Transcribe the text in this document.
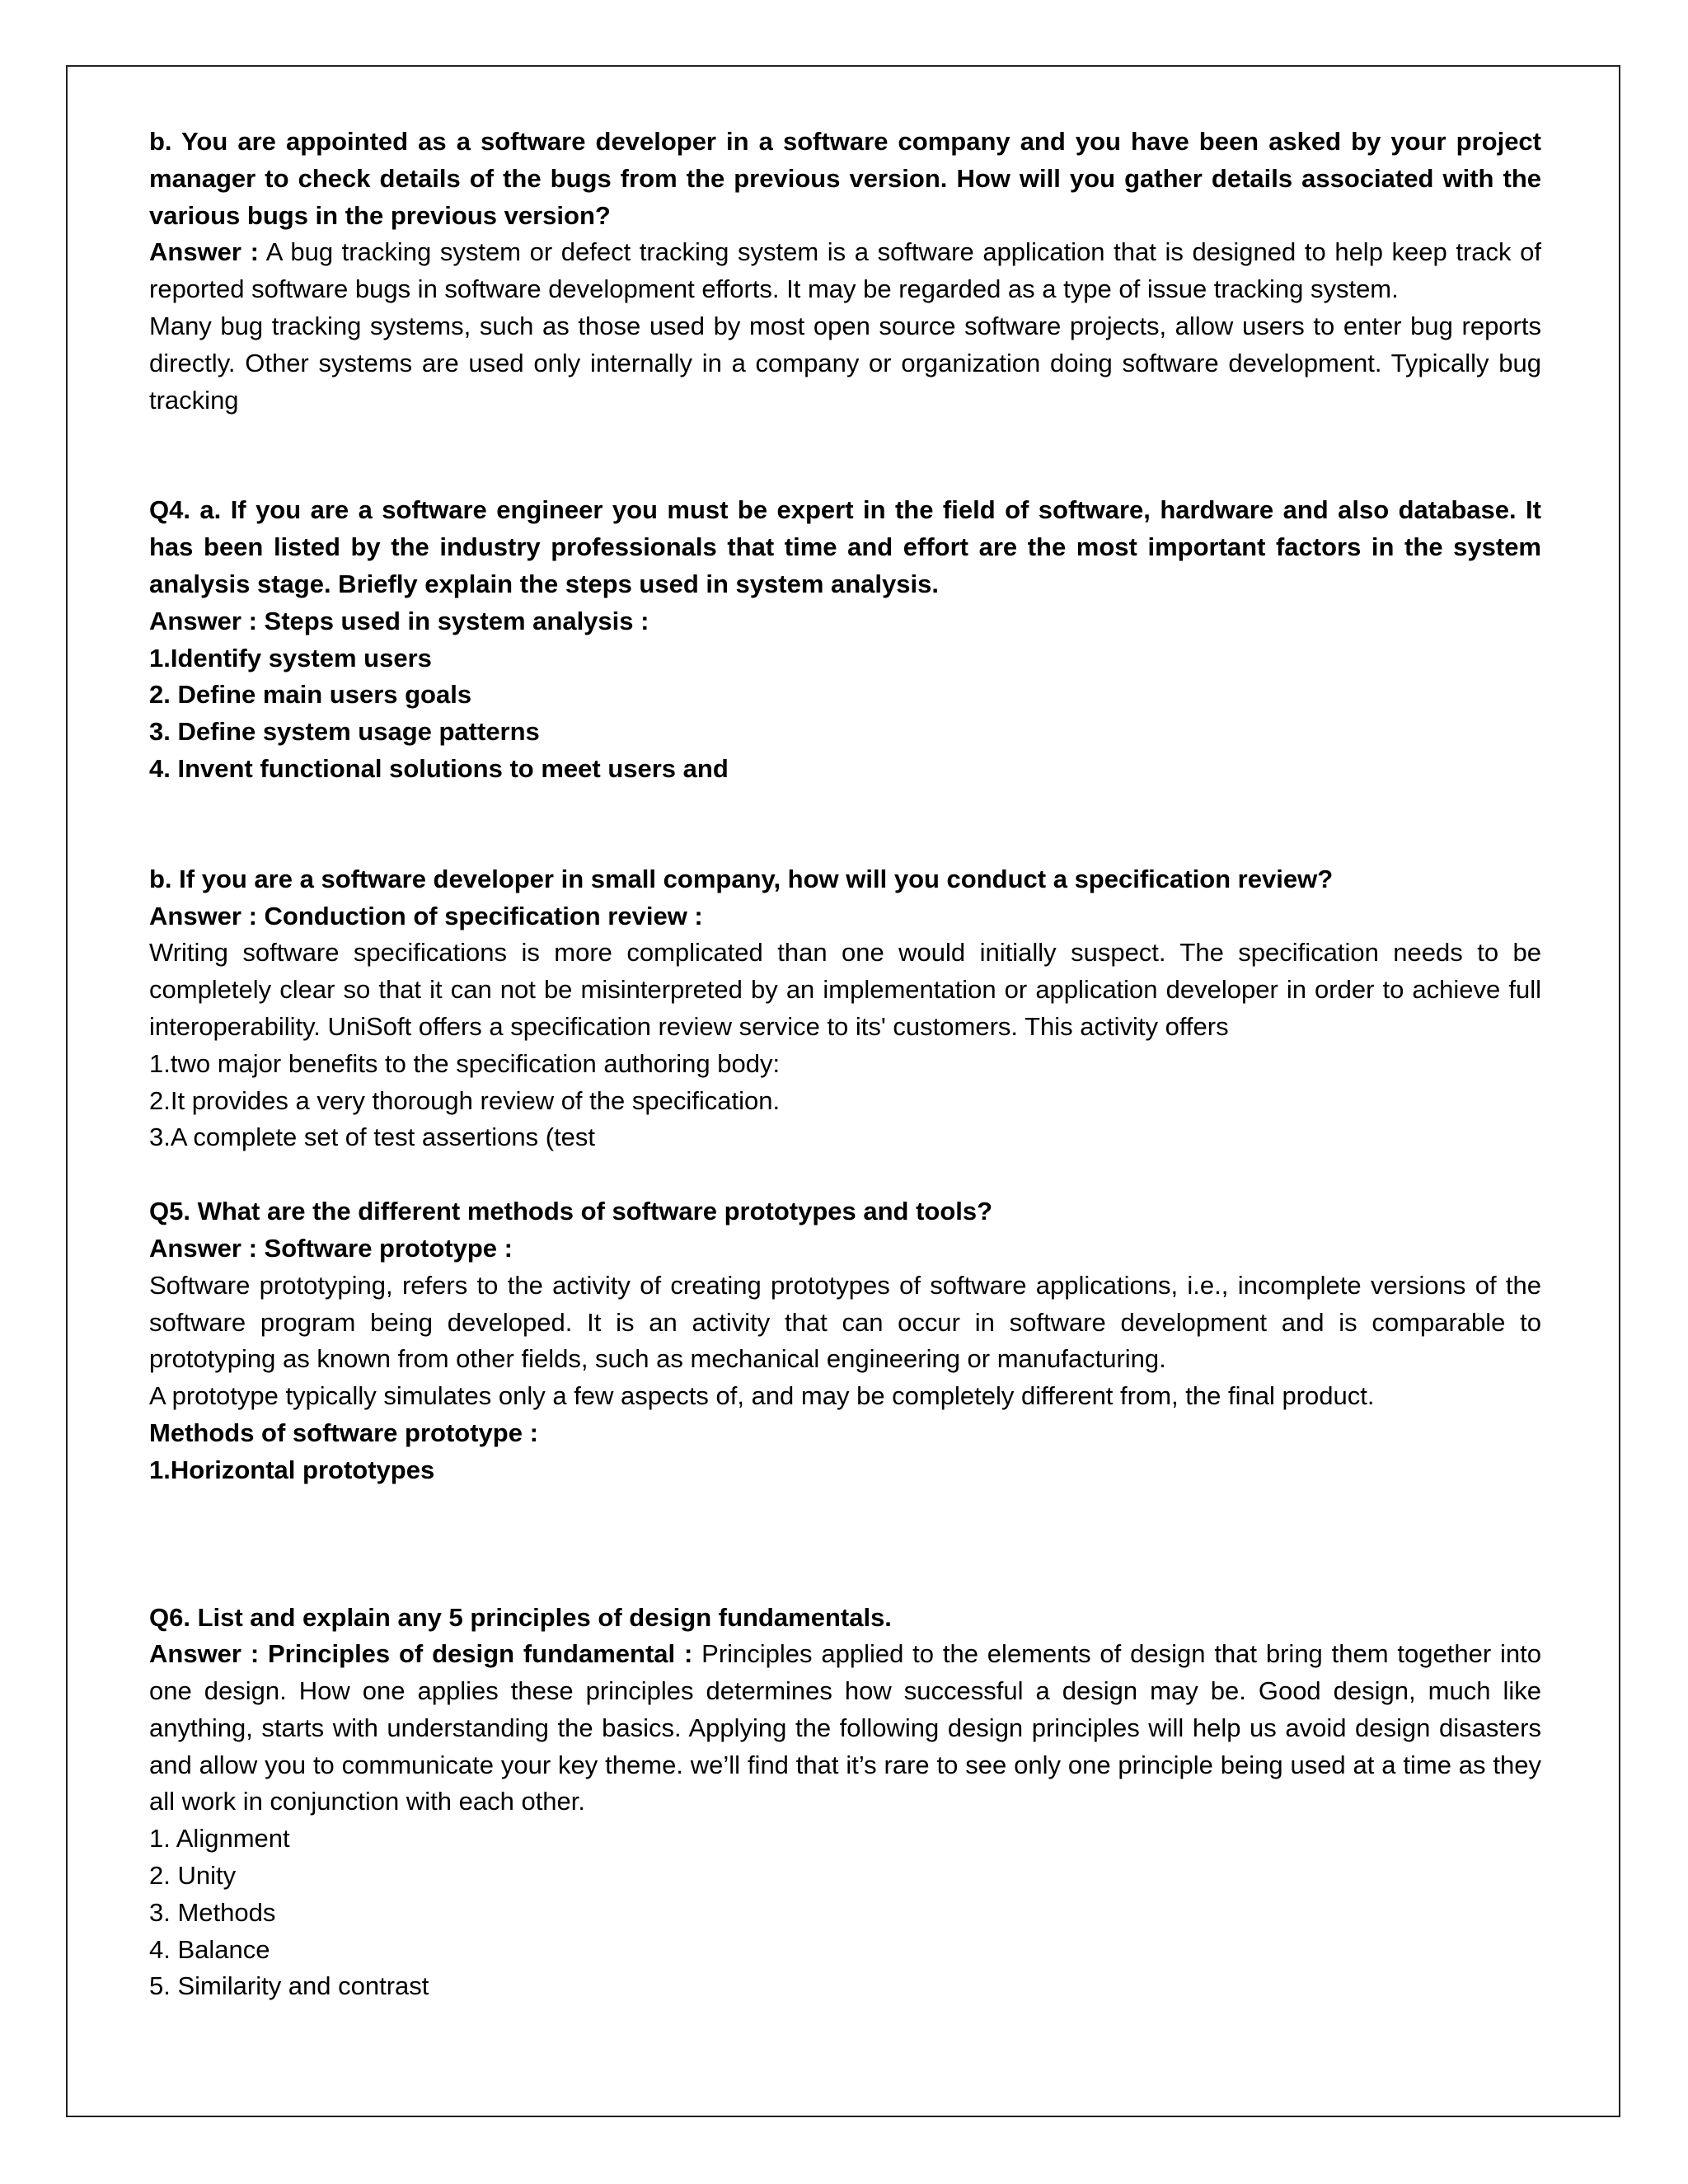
b. You are appointed as a software developer in a software company and you have been asked by your project manager to check details of the bugs from the previous version. How will you gather details associated with the various bugs in the previous version?

Answer : A bug tracking system or defect tracking system is a software application that is designed to help keep track of reported software bugs in software development efforts. It may be regarded as a type of issue tracking system.

Many bug tracking systems, such as those used by most open source software projects, allow users to enter bug reports directly. Other systems are used only internally in a company or organization doing software development. Typically bug tracking

Q4. a. If you are a software engineer you must be expert in the field of software, hardware and also database. It has been listed by the industry professionals that time and effort are the most important factors in the system analysis stage. Briefly explain the steps used in system analysis.

Answer : Steps used in system analysis :

1.Identify system users

2. Define main users goals

3. Define system usage patterns

4. Invent functional solutions to meet users and

b. If you are a software developer in small company, how will you conduct a specification review?

Answer : Conduction of specification review :

Writing software specifications is more complicated than one would initially suspect. The specification needs to be completely clear so that it can not be misinterpreted by an implementation or application developer in order to achieve full interoperability. UniSoft offers a specification review service to its' customers. This activity offers

1.two major benefits to the specification authoring body:

2.It provides a very thorough review of the specification.

3.A complete set of test assertions (test

Q5. What are the different methods of software prototypes and tools?

Answer : Software prototype :

Software prototyping, refers to the activity of creating prototypes of software applications, i.e., incomplete versions of the software program being developed. It is an activity that can occur in software development and is comparable to prototyping as known from other fields, such as mechanical engineering or manufacturing.

A prototype typically simulates only a few aspects of, and may be completely different from, the final product.

Methods of software prototype :

1.Horizontal prototypes

Q6. List and explain any 5 principles of design fundamentals.

Answer : Principles of design fundamental : Principles applied to the elements of design that bring them together into one design. How one applies these principles determines how successful a design may be. Good design, much like anything, starts with understanding the basics. Applying the following design principles will help us avoid design disasters and allow you to communicate your key theme. we’ll find that it’s rare to see only one principle being used at a time as they all work in conjunction with each other.

1. Alignment

2. Unity

3. Methods

4. Balance

5. Similarity and contrast
